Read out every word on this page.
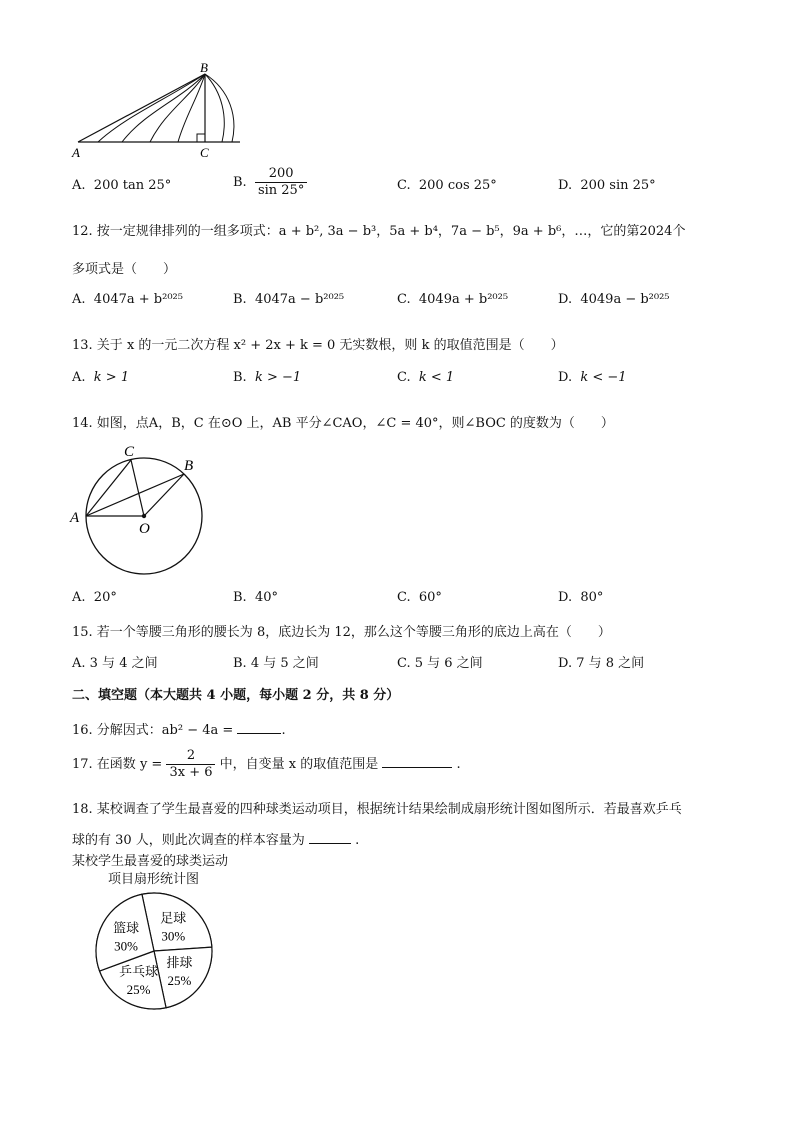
A
B
C
A. 200 tan 25°	B. $\frac{200}{\sin 25^\circ}$	C. 200 cos 25°	D. 200 sin 25°
12. 按一定规律排列的一组多项式：a + b², 3a − b³，5a + b⁴，7a − b⁵，9a + b⁶，…，它的第2024个
多项式是（　　）
A. 4047a + b²⁰²⁵	B. 4047a − b²⁰²⁵	C. 4049a + b²⁰²⁵	D. 4049a − b²⁰²⁵
13. 关于 x 的一元二次方程 x² + 2x + k = 0 无实数根，则 k 的取值范围是（　　）
A. k > 1	B. k > −1	C. k < 1	D. k < −1
14. 如图，点A，B，C 在⊙O 上，AB 平分∠CAO，∠C = 40°，则∠BOC 的度数为（　　）
C
B
A
O
A. 20°	B. 40°	C. 60°	D. 80°
15. 若一个等腰三角形的腰长为 8，底边长为 12，那么这个等腰三角形的底边上高在（　　）
A. 3 与 4 之间	B. 4 与 5 之间	C. 5 与 6 之间	D. 7 与 8 之间
二、填空题（本大题共 4 小题，每小题 2 分，共 8 分）
16. 分解因式：ab² − 4a =	.
17. 在函数 $y = \frac{2}{3x + 6}$ 中，自变量 x 的取值范围是	.
18. 某校调查了学生最喜爱的四种球类运动项目，根据统计结果绘制成扇形统计图如图所示．若最喜欢乒乓
球的有 30 人，则此次调查的样本容量为	.
某校学生最喜爱的球类运动
项目扇形统计图
足球
30%
排球
25%
乒乓球
25%
篮球
30%
